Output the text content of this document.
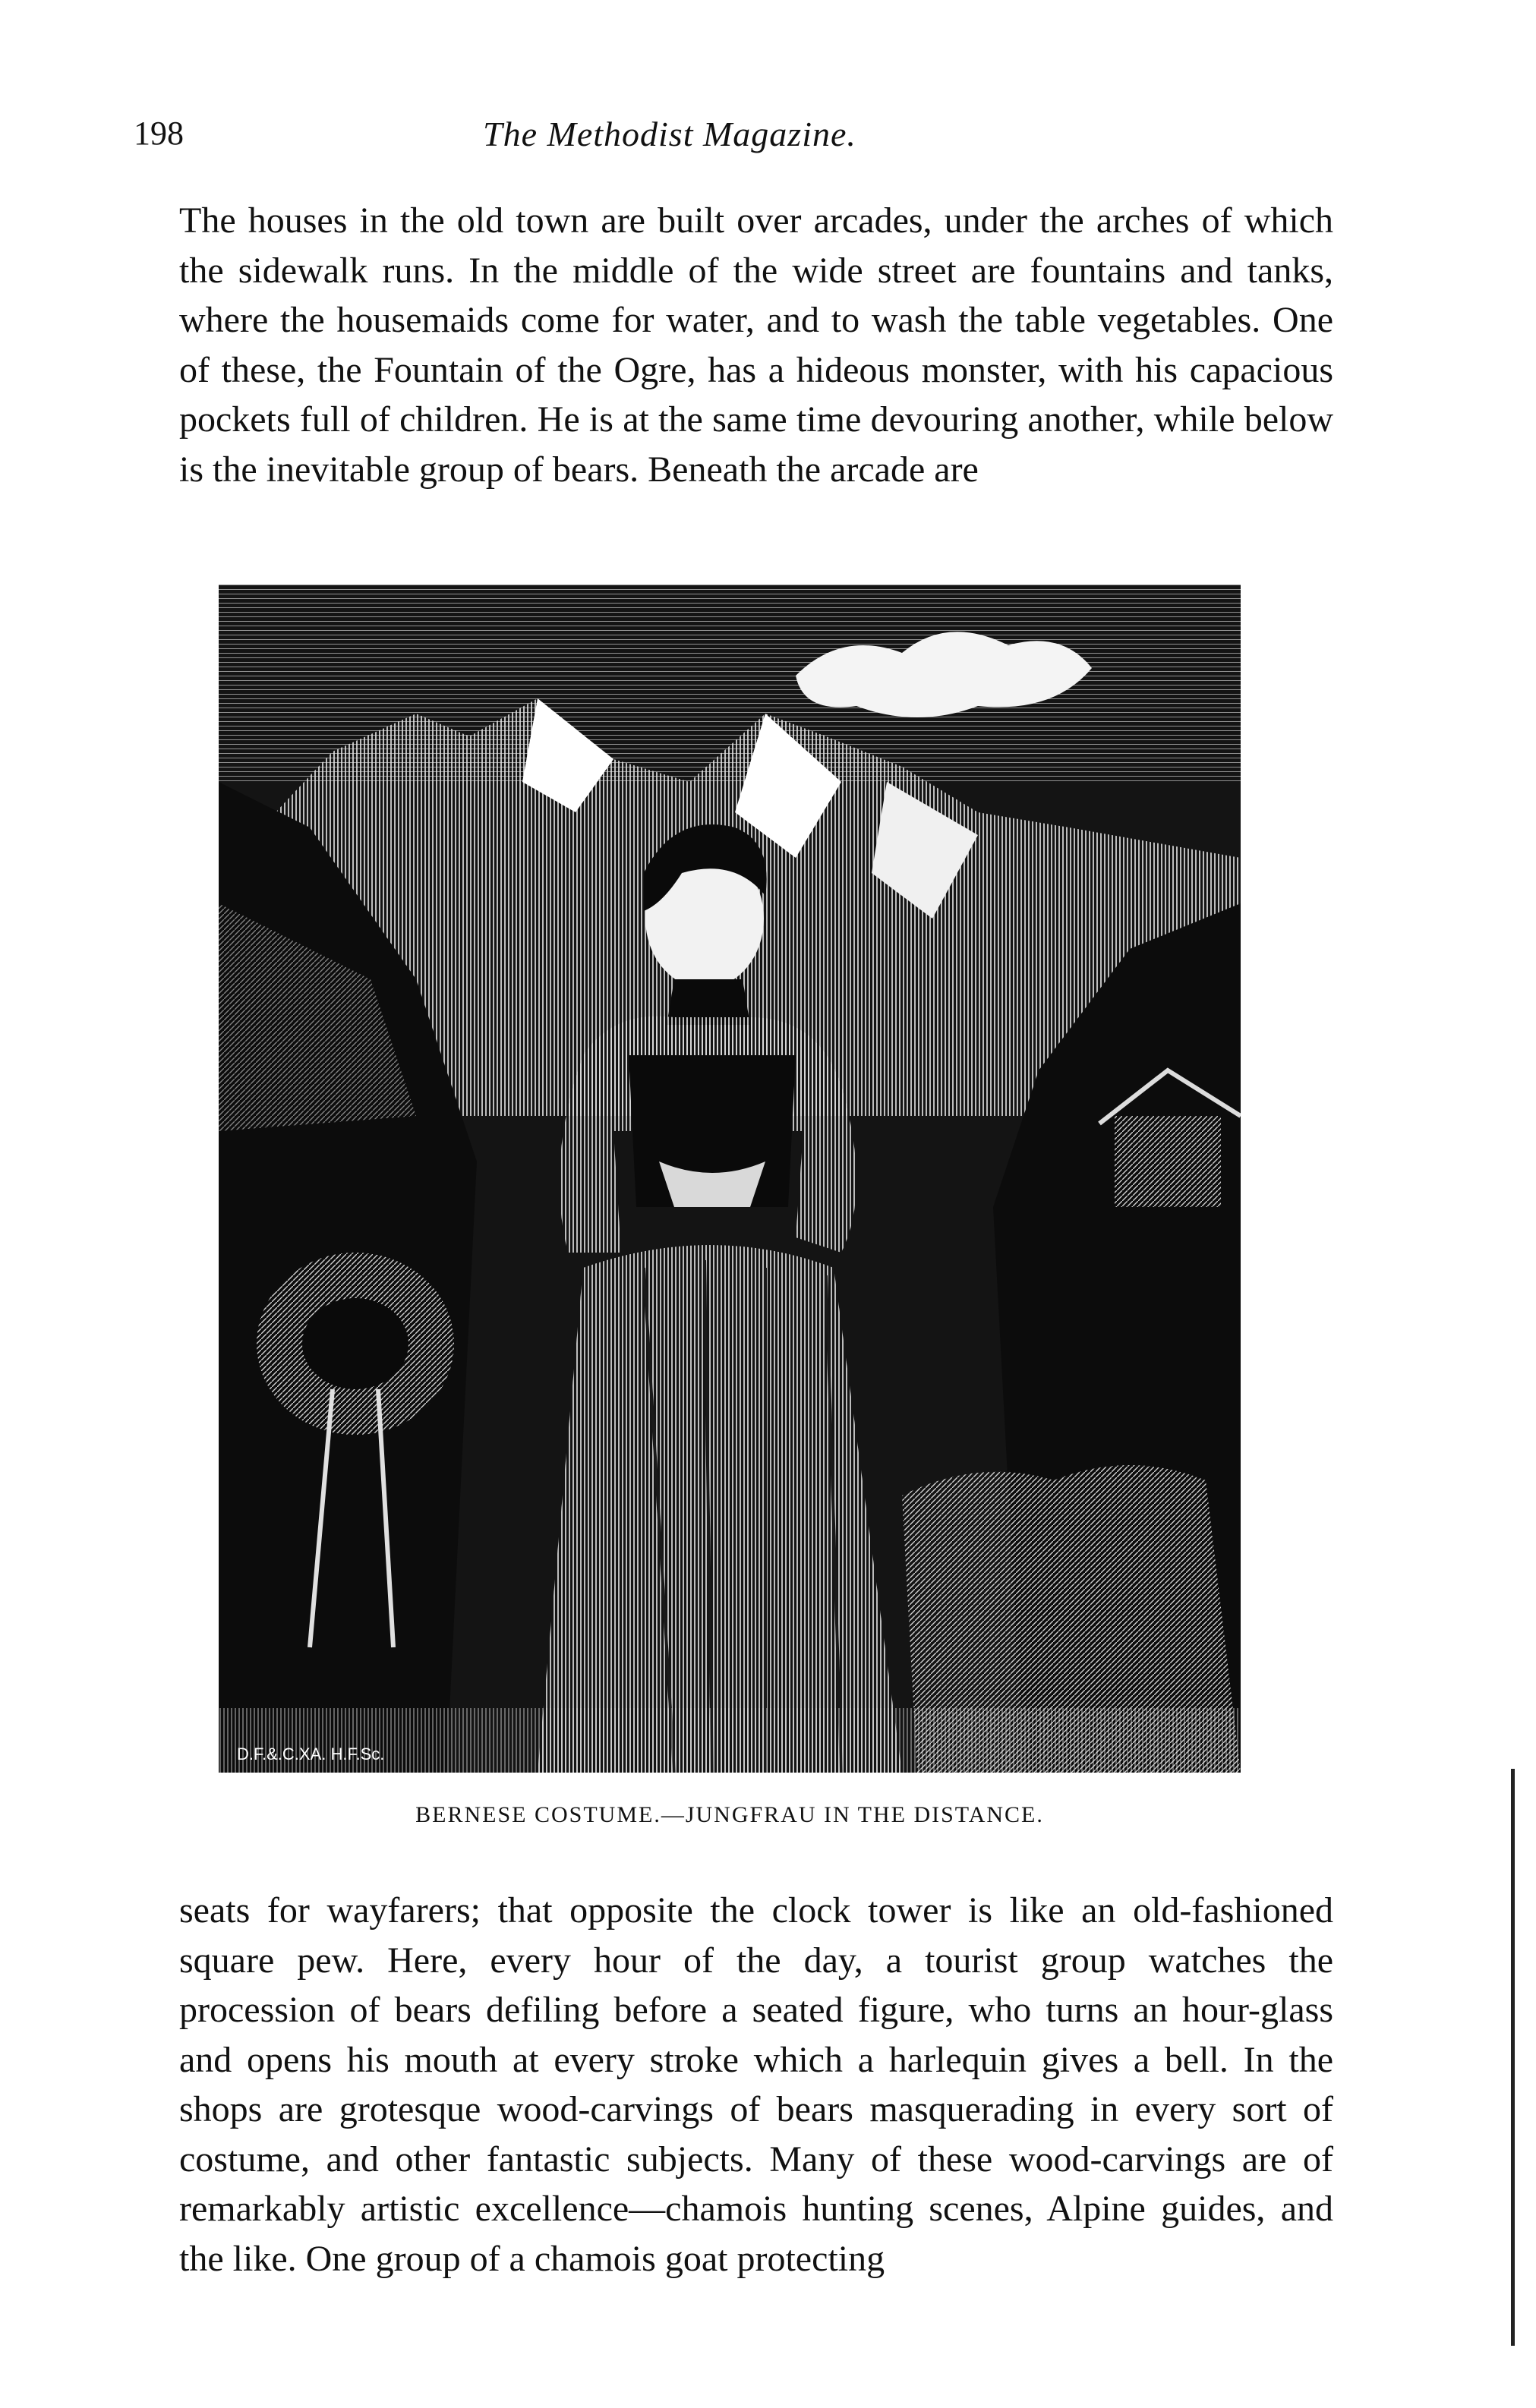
198	The Methodist Magazine.

The houses in the old town are built over arcades, under the arches of which the sidewalk runs. In the middle of the wide street are fountains and tanks, where the housemaids come for water, and to wash the table vegetables. One of these, the Fountain of the Ogre, has a hideous monster, with his capacious pockets full of children. He is at the same time devouring another, while below is the inevitable group of bears. Beneath the arcade are

D.F.&.C.XA. H.F.Sc.
BERNESE COSTUME.—JUNGFRAU IN THE DISTANCE.

seats for wayfarers; that opposite the clock tower is like an old-fashioned square pew. Here, every hour of the day, a tourist group watches the procession of bears defiling before a seated figure, who turns an hour-glass and opens his mouth at every stroke which a harlequin gives a bell. In the shops are grotesque wood-carvings of bears masquerading in every sort of costume, and other fantastic subjects. Many of these wood-carvings are of remarkably artistic excellence—chamois hunting scenes, Alpine guides, and the like. One group of a chamois goat protecting
